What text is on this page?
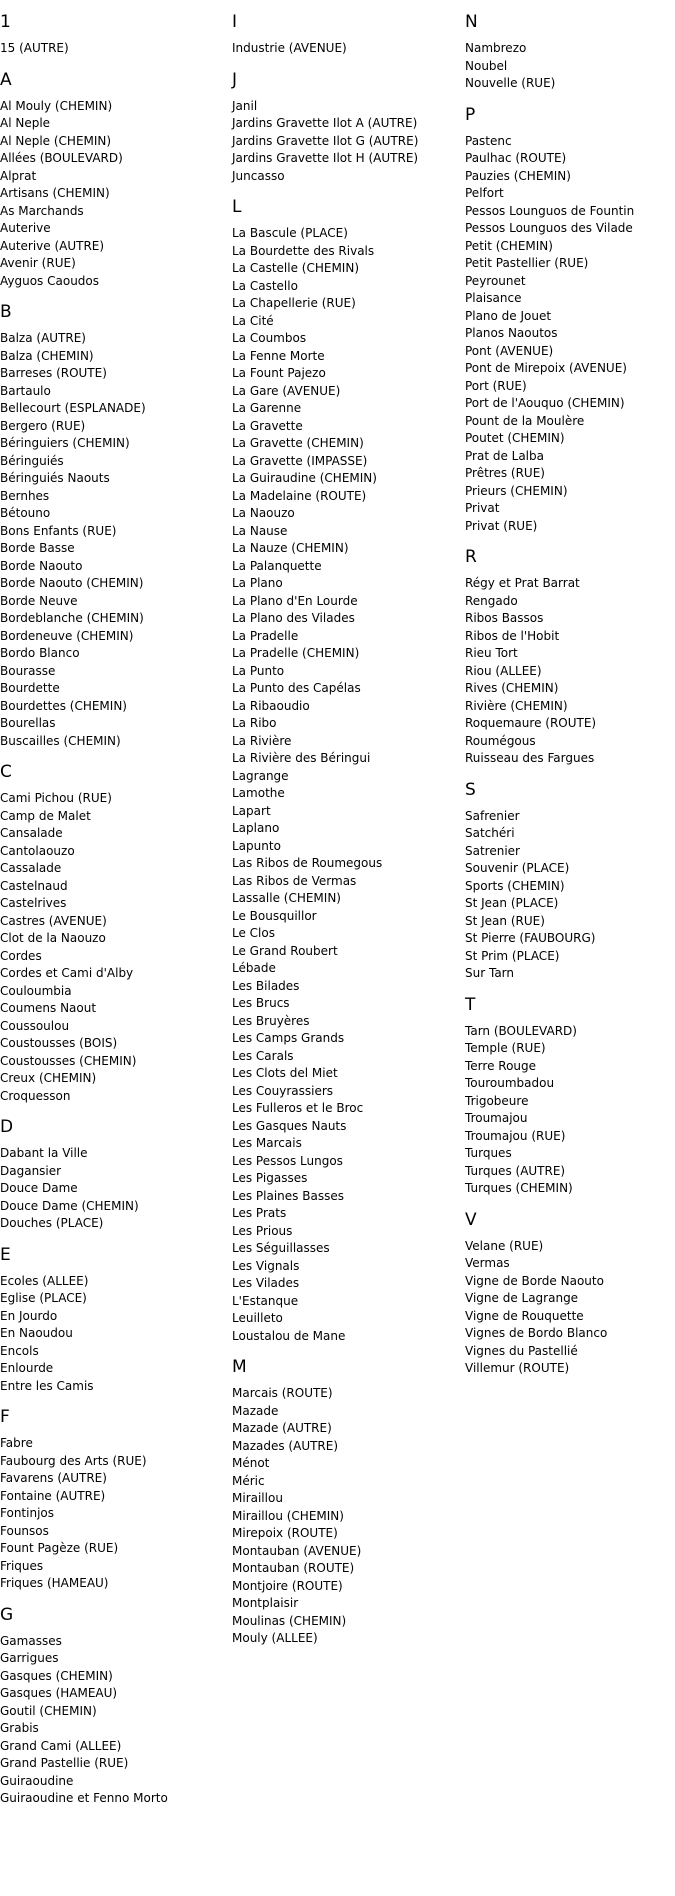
1
15 (AUTRE)
A
Al Mouly (CHEMIN)
Al Neple
Al Neple (CHEMIN)
Allées (BOULEVARD)
Alprat
Artisans (CHEMIN)
As Marchands
Auterive
Auterive (AUTRE)
Avenir (RUE)
Ayguos Caoudos
B
Balza (AUTRE)
Balza (CHEMIN)
Barreses (ROUTE)
Bartaulo
Bellecourt (ESPLANADE)
Bergero (RUE)
Béringuiers (CHEMIN)
Béringuiés
Béringuiés Naouts
Bernhes
Bétouno
Bons Enfants (RUE)
Borde Basse
Borde Naouto
Borde Naouto (CHEMIN)
Borde Neuve
Bordeblanche (CHEMIN)
Bordeneuve (CHEMIN)
Bordo Blanco
Bourasse
Bourdette
Bourdettes (CHEMIN)
Bourellas
Buscailles (CHEMIN)
C
Cami Pichou (RUE)
Camp de Malet
Cansalade
Cantolaouzo
Cassalade
Castelnaud
Castelrives
Castres (AVENUE)
Clot de la Naouzo
Cordes
Cordes et Cami d'Alby
Couloumbia
Coumens Naout
Coussoulou
Coustousses (BOIS)
Coustousses (CHEMIN)
Creux (CHEMIN)
Croquesson
D
Dabant la Ville
Dagansier
Douce Dame
Douce Dame (CHEMIN)
Douches (PLACE)
E
Ecoles (ALLEE)
Eglise (PLACE)
En Jourdo
En Naoudou
Encols
Enlourde
Entre les Camis
F
Fabre
Faubourg des Arts (RUE)
Favarens (AUTRE)
Fontaine (AUTRE)
Fontinjos
Founsos
Fount Pagèze (RUE)
Friques
Friques (HAMEAU)
G
Gamasses
Garrigues
Gasques (CHEMIN)
Gasques (HAMEAU)
Goutil (CHEMIN)
Grabis
Grand Cami (ALLEE)
Grand Pastellie (RUE)
Guiraoudine
Guiraoudine et Fenno Morto
I
Industrie (AVENUE)
J
Janil
Jardins Gravette Ilot A (AUTRE)
Jardins Gravette Ilot G (AUTRE)
Jardins Gravette Ilot H (AUTRE)
Juncasso
L
La Bascule (PLACE)
La Bourdette des Rivals
La Castelle (CHEMIN)
La Castello
La Chapellerie (RUE)
La Cité
La Coumbos
La Fenne Morte
La Fount Pajezo
La Gare (AVENUE)
La Garenne
La Gravette
La Gravette (CHEMIN)
La Gravette (IMPASSE)
La Guiraudine (CHEMIN)
La Madelaine (ROUTE)
La Naouzo
La Nause
La Nauze (CHEMIN)
La Palanquette
La Plano
La Plano d'En Lourde
La Plano des Vilades
La Pradelle
La Pradelle (CHEMIN)
La Punto
La Punto des Capélas
La Ribaoudio
La Ribo
La Rivière
La Rivière des Béringui
Lagrange
Lamothe
Lapart
Laplano
Lapunto
Las Ribos de Roumegous
Las Ribos de Vermas
Lassalle (CHEMIN)
Le Bousquillor
Le Clos
Le Grand Roubert
Lébade
Les Bilades
Les Brucs
Les Bruyères
Les Camps Grands
Les Carals
Les Clots del Miet
Les Couyrassiers
Les Fulleros et le Broc
Les Gasques Nauts
Les Marcais
Les Pessos Lungos
Les Pigasses
Les Plaines Basses
Les Prats
Les Prious
Les Séguillasses
Les Vignals
Les Vilades
L'Estanque
Leuilleto
Loustalou de Mane
M
Marcais (ROUTE)
Mazade
Mazade (AUTRE)
Mazades (AUTRE)
Ménot
Méric
Miraillou
Miraillou (CHEMIN)
Mirepoix (ROUTE)
Montauban (AVENUE)
Montauban (ROUTE)
Montjoire (ROUTE)
Montplaisir
Moulinas (CHEMIN)
Mouly (ALLEE)
N
Nambrezo
Noubel
Nouvelle (RUE)
P
Pastenc
Paulhac (ROUTE)
Pauzies (CHEMIN)
Pelfort
Pessos Lounguos de Fountin
Pessos Lounguos des Vilade
Petit (CHEMIN)
Petit Pastellier (RUE)
Peyrounet
Plaisance
Plano de Jouet
Planos Naoutos
Pont (AVENUE)
Pont de Mirepoix (AVENUE)
Port (RUE)
Port de l'Aouquo (CHEMIN)
Pount de la Moulère
Poutet (CHEMIN)
Prat de Lalba
Prêtres (RUE)
Prieurs (CHEMIN)
Privat
Privat (RUE)
R
Régy et Prat Barrat
Rengado
Ribos Bassos
Ribos de l'Hobit
Rieu Tort
Riou (ALLEE)
Rives (CHEMIN)
Rivière (CHEMIN)
Roquemaure (ROUTE)
Roumégous
Ruisseau des Fargues
S
Safrenier
Satchéri
Satrenier
Souvenir (PLACE)
Sports (CHEMIN)
St Jean (PLACE)
St Jean (RUE)
St Pierre (FAUBOURG)
St Prim (PLACE)
Sur Tarn
T
Tarn (BOULEVARD)
Temple (RUE)
Terre Rouge
Touroumbadou
Trigobeure
Troumajou
Troumajou (RUE)
Turques
Turques (AUTRE)
Turques (CHEMIN)
V
Velane (RUE)
Vermas
Vigne de Borde Naouto
Vigne de Lagrange
Vigne de Rouquette
Vignes de Bordo Blanco
Vignes du Pastellié
Villemur (ROUTE)
